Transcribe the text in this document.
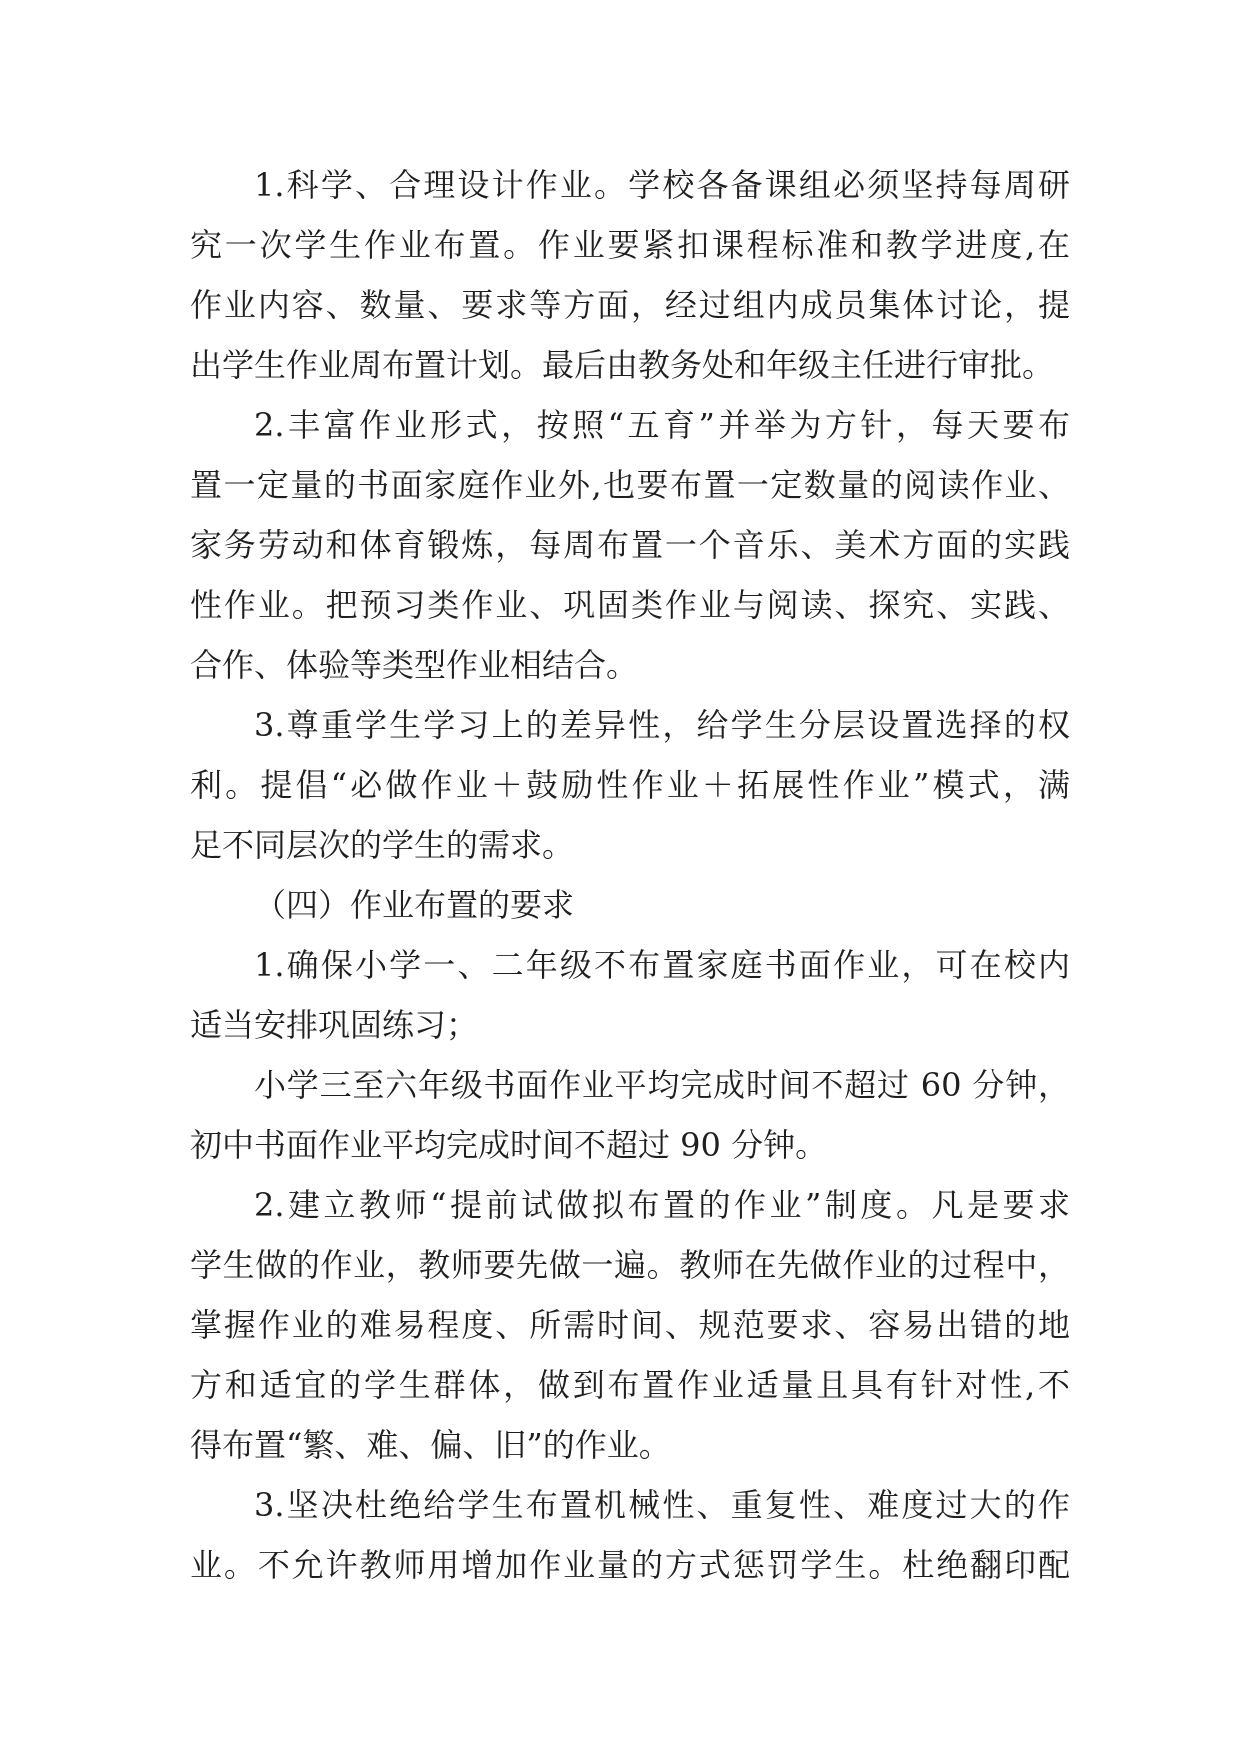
1.科学、合理设计作业。学校各备课组必须坚持每周研
究一次学生作业布置。作业要紧扣课程标准和教学进度,在
作业内容、数量、要求等方面，经过组内成员集体讨论，提
出学生作业周布置计划。最后由教务处和年级主任进行审批。
2.丰富作业形式，按照“五育”并举为方针，每天要布
置一定量的书面家庭作业外,也要布置一定数量的阅读作业、
家务劳动和体育锻炼，每周布置一个音乐、美术方面的实践
性作业。把预习类作业、巩固类作业与阅读、探究、实践、
合作、体验等类型作业相结合。
3.尊重学生学习上的差异性，给学生分层设置选择的权
利。提倡“必做作业＋鼓励性作业＋拓展性作业”模式，满
足不同层次的学生的需求。
（四）作业布置的要求
1.确保小学一、二年级不布置家庭书面作业，可在校内
适当安排巩固练习；
小学三至六年级书面作业平均完成时间不超过 60 分钟，
初中书面作业平均完成时间不超过 90 分钟。
2.建立教师“提前试做拟布置的作业”制度。凡是要求
学生做的作业，教师要先做一遍。教师在先做作业的过程中，
掌握作业的难易程度、所需时间、规范要求、容易出错的地
方和适宜的学生群体，做到布置作业适量且具有针对性,不
得布置“繁、难、偏、旧”的作业。
3.坚决杜绝给学生布置机械性、重复性、难度过大的作
业。不允许教师用增加作业量的方式惩罚学生。杜绝翻印配
